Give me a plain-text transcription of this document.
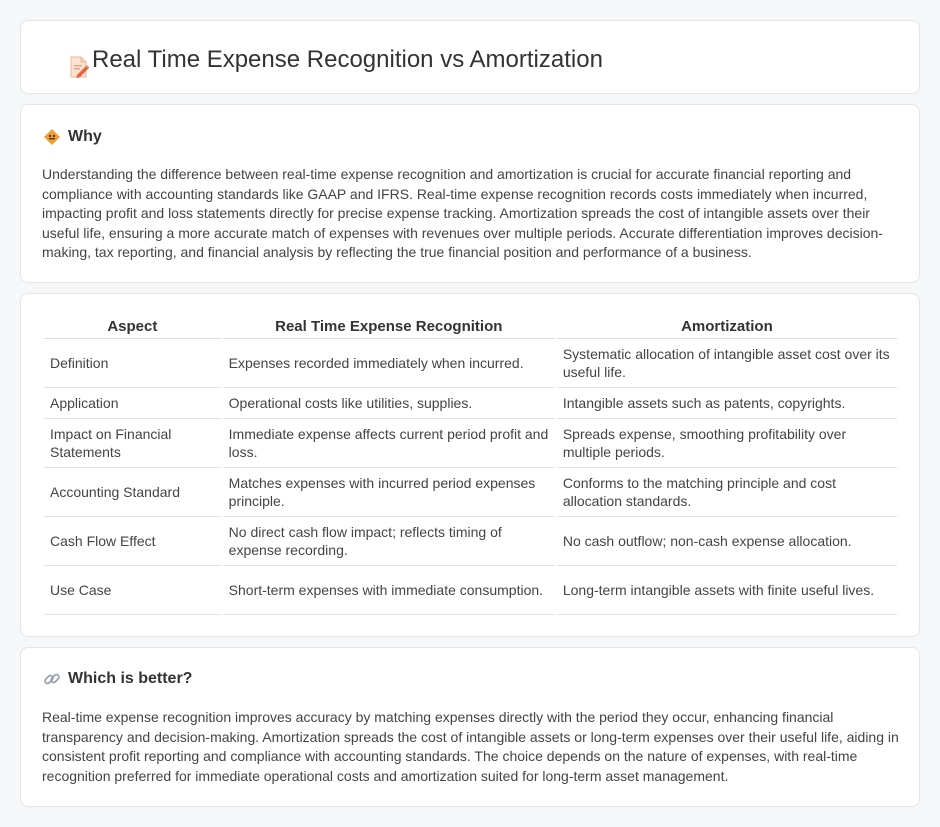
Real Time Expense Recognition vs Amortization
Why

Understanding the difference between real-time expense recognition and amortization is crucial for accurate financial reporting and compliance with accounting standards like GAAP and IFRS. Real-time expense recognition records costs immediately when incurred, impacting profit and loss statements directly for precise expense tracking. Amortization spreads the cost of intangible assets over their useful life, ensuring a more accurate match of expenses with revenues over multiple periods. Accurate differentiation improves decision-making, tax reporting, and financial analysis by reflecting the true financial position and performance of a business.

Aspect	Real Time Expense Recognition	Amortization
Definition	Expenses recorded immediately when incurred.	Systematic allocation of intangible asset cost over its useful life.
Application	Operational costs like utilities, supplies.	Intangible assets such as patents, copyrights.
Impact on Financial Statements	Immediate expense affects current period profit and loss.	Spreads expense, smoothing profitability over multiple periods.
Accounting Standard	Matches expenses with incurred period expenses principle.	Conforms to the matching principle and cost allocation standards.
Cash Flow Effect	No direct cash flow impact; reflects timing of expense recording.	No cash outflow; non-cash expense allocation.
Use Case	Short-term expenses with immediate consumption.	Long-term intangible assets with finite useful lives.
Which is better?

Real-time expense recognition improves accuracy by matching expenses directly with the period they occur, enhancing financial transparency and decision-making. Amortization spreads the cost of intangible assets or long-term expenses over their useful life, aiding in consistent profit reporting and compliance with accounting standards. The choice depends on the nature of expenses, with real-time recognition preferred for immediate operational costs and amortization suited for long-term asset management.
